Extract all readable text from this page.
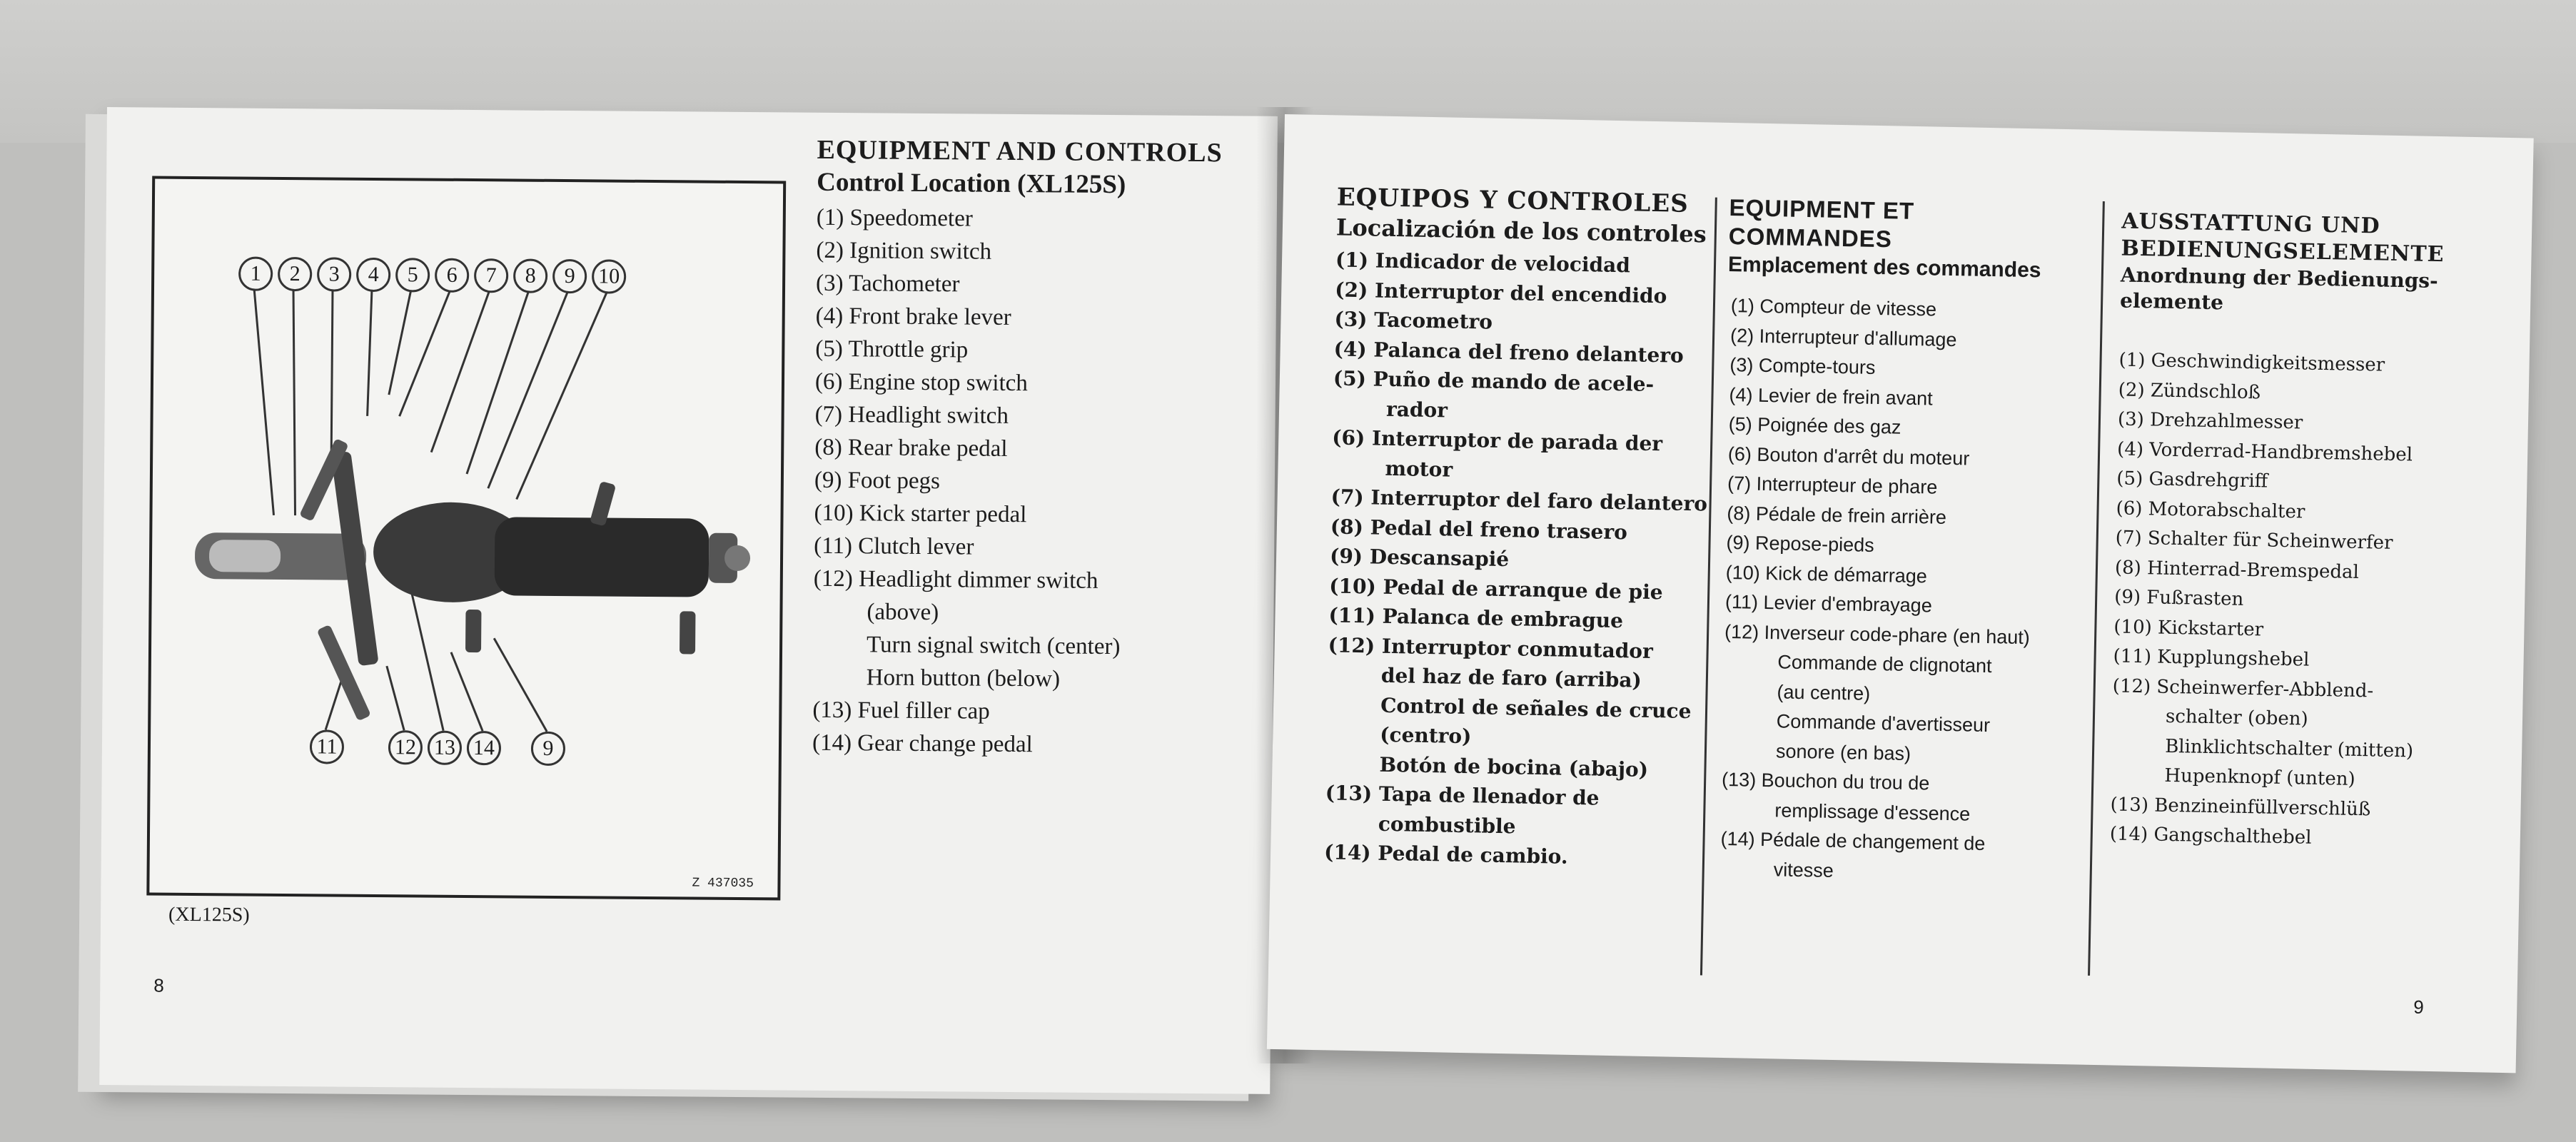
Z 437035
1	2	3	4	5	6	7	8	9	10
11	12 13 14	9
(XL125S)
EQUIPMENT AND CONTROLS
Control Location (XL125S)
(1) Speedometer
(2) Ignition switch
(3) Tachometer
(4) Front brake lever
(5) Throttle grip
(6) Engine stop switch
(7) Headlight switch
(8) Rear brake pedal
(9) Foot pegs
(10) Kick starter pedal
(11) Clutch lever
(12) Headlight dimmer switch
(above)
Turn signal switch (center)
Horn button (below)
(13) Fuel filler cap
(14) Gear change pedal
8
EQUIPOS Y CONTROLES
Localización de los controles
(1) Indicador de velocidad
(2) Interruptor del encendido
(3) Tacometro
(4) Palanca del freno delantero
(5) Puño de mando de acele-
rador
(6) Interruptor de parada der
motor
(7) Interruptor del faro delantero
(8) Pedal del freno trasero
(9) Descansapié
(10) Pedal de arranque de pie
(11) Palanca de embrague
(12) Interruptor conmutador
del haz de faro (arriba)
Control de señales de cruce
(centro)
Botón de bocina (abajo)
(13) Tapa de llenador de
combustible
(14) Pedal de cambio.
EQUIPMENT ET
COMMANDES
Emplacement des commandes
(1) Compteur de vitesse
(2) Interrupteur d'allumage
(3) Compte-tours
(4) Levier de frein avant
(5) Poignée des gaz
(6) Bouton d'arrêt du moteur
(7) Interrupteur de phare
(8) Pédale de frein arrière
(9) Repose-pieds
(10) Kick de démarrage
(11) Levier d'embrayage
(12) Inverseur code-phare (en haut)
Commande de clignotant
(au centre)
Commande d'avertisseur
sonore (en bas)
(13) Bouchon du trou de
remplissage d'essence
(14) Pédale de changement de
vitesse
AUSSTATTUNG UND
BEDIENUNGSELEMENTE
Anordnung der Bedienungs-
elemente
(1) Geschwindigkeitsmesser
(2) Zündschloß
(3) Drehzahlmesser
(4) Vorderrad-Handbremshebel
(5) Gasdrehgriff
(6) Motorabschalter
(7) Schalter für Scheinwerfer
(8) Hinterrad-Bremspedal
(9) Fußrasten
(10) Kickstarter
(11) Kupplungshebel
(12) Scheinwerfer-Abblend-
schalter (oben)
Blinklichtschalter (mitten)
Hupenknopf (unten)
(13) Benzineinfüllverschlüß
(14) Gangschalthebel
9
